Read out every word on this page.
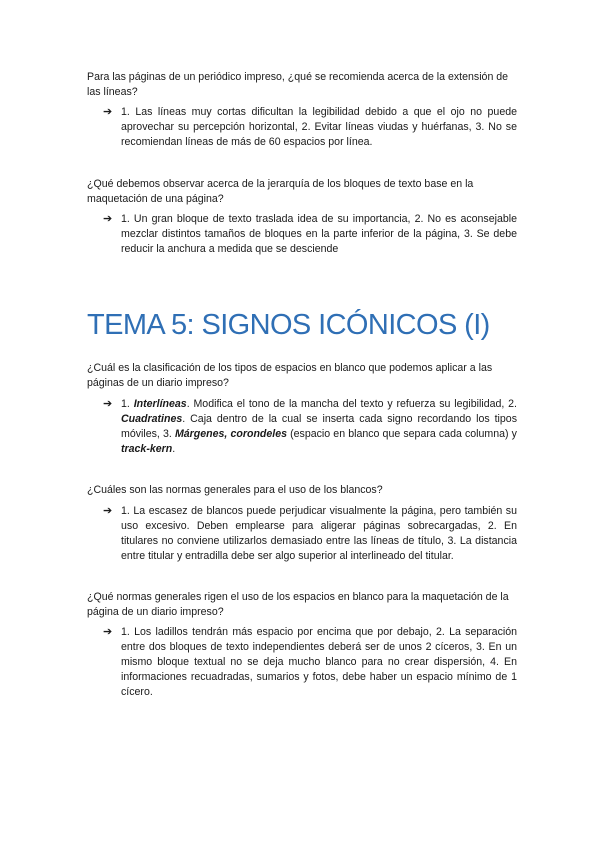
Para las páginas de un periódico impreso, ¿qué se recomienda acerca de la extensión de las líneas?

➔ 1. Las líneas muy cortas dificultan la legibilidad debido a que el ojo no puede aprovechar su percepción horizontal, 2. Evitar líneas viudas y huérfanas, 3. No se recomiendan líneas de más de 60 espacios por línea.

¿Qué debemos observar acerca de la jerarquía de los bloques de texto base en la maquetación de una página?

➔ 1. Un gran bloque de texto traslada idea de su importancia, 2. No es aconsejable mezclar distintos tamaños de bloques en la parte inferior de la página, 3. Se debe reducir la anchura a medida que se desciende

TEMA 5: SIGNOS ICÓNICOS (I)

¿Cuál es la clasificación de los tipos de espacios en blanco que podemos aplicar a las páginas de un diario impreso?

➔ 1. Interlíneas. Modifica el tono de la mancha del texto y refuerza su legibilidad, 2. Cuadratines. Caja dentro de la cual se inserta cada signo recordando los tipos móviles, 3. Márgenes, corondeles (espacio en blanco que separa cada columna) y track-kern.

¿Cuáles son las normas generales para el uso de los blancos?

➔ 1. La escasez de blancos puede perjudicar visualmente la página, pero también su uso excesivo. Deben emplearse para aligerar páginas sobrecargadas, 2. En titulares no conviene utilizarlos demasiado entre las líneas de título, 3. La distancia entre titular y entradilla debe ser algo superior al interlineado del titular.

¿Qué normas generales rigen el uso de los espacios en blanco para la maquetación de la página de un diario impreso?

➔ 1. Los ladillos tendrán más espacio por encima que por debajo, 2. La separación entre dos bloques de texto independientes deberá ser de unos 2 cíceros, 3. En un mismo bloque textual no se deja mucho blanco para no crear dispersión, 4. En informaciones recuadradas, sumarios y fotos, debe haber un espacio mínimo de 1 cícero.
